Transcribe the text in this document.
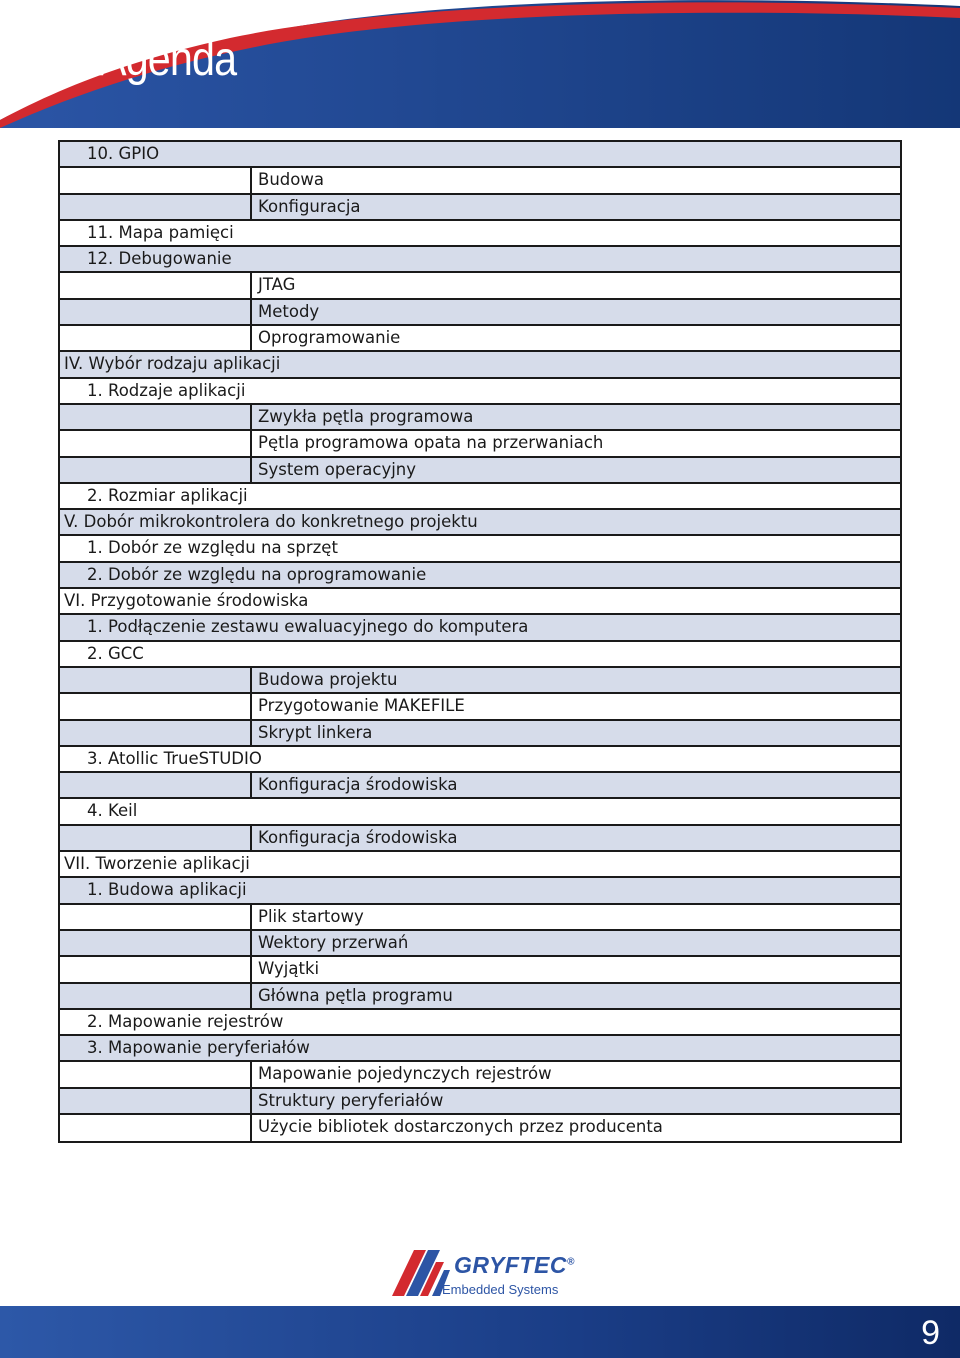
3. Agenda
10. GPIO
Budowa
Konfiguracja
11. Mapa pamięci
12. Debugowanie
JTAG
Metody
Oprogramowanie
IV. Wybór rodzaju aplikacji
1. Rodzaje aplikacji
Zwykła pętla programowa
Pętla programowa opata na przerwaniach
System operacyjny
2. Rozmiar aplikacji
V. Dobór mikrokontrolera do konkretnego projektu
1. Dobór ze względu na sprzęt
2. Dobór ze względu na oprogramowanie
VI. Przygotowanie środowiska
1. Podłączenie zestawu ewaluacyjnego do komputera
2. GCC
Budowa projektu
Przygotowanie MAKEFILE
Skrypt linkera
3. Atollic TrueSTUDIO
Konfiguracja środowiska
4. Keil
Konfiguracja środowiska
VII. Tworzenie aplikacji
1. Budowa aplikacji
Plik startowy
Wektory przerwań
Wyjątki
Główna pętla programu
2. Mapowanie rejestrów
3. Mapowanie peryferiałów
Mapowanie pojedynczych rejestrów
Struktury peryferiałów
Użycie bibliotek dostarczonych przez producenta
GRYFTEC®
Embedded Systems
9
